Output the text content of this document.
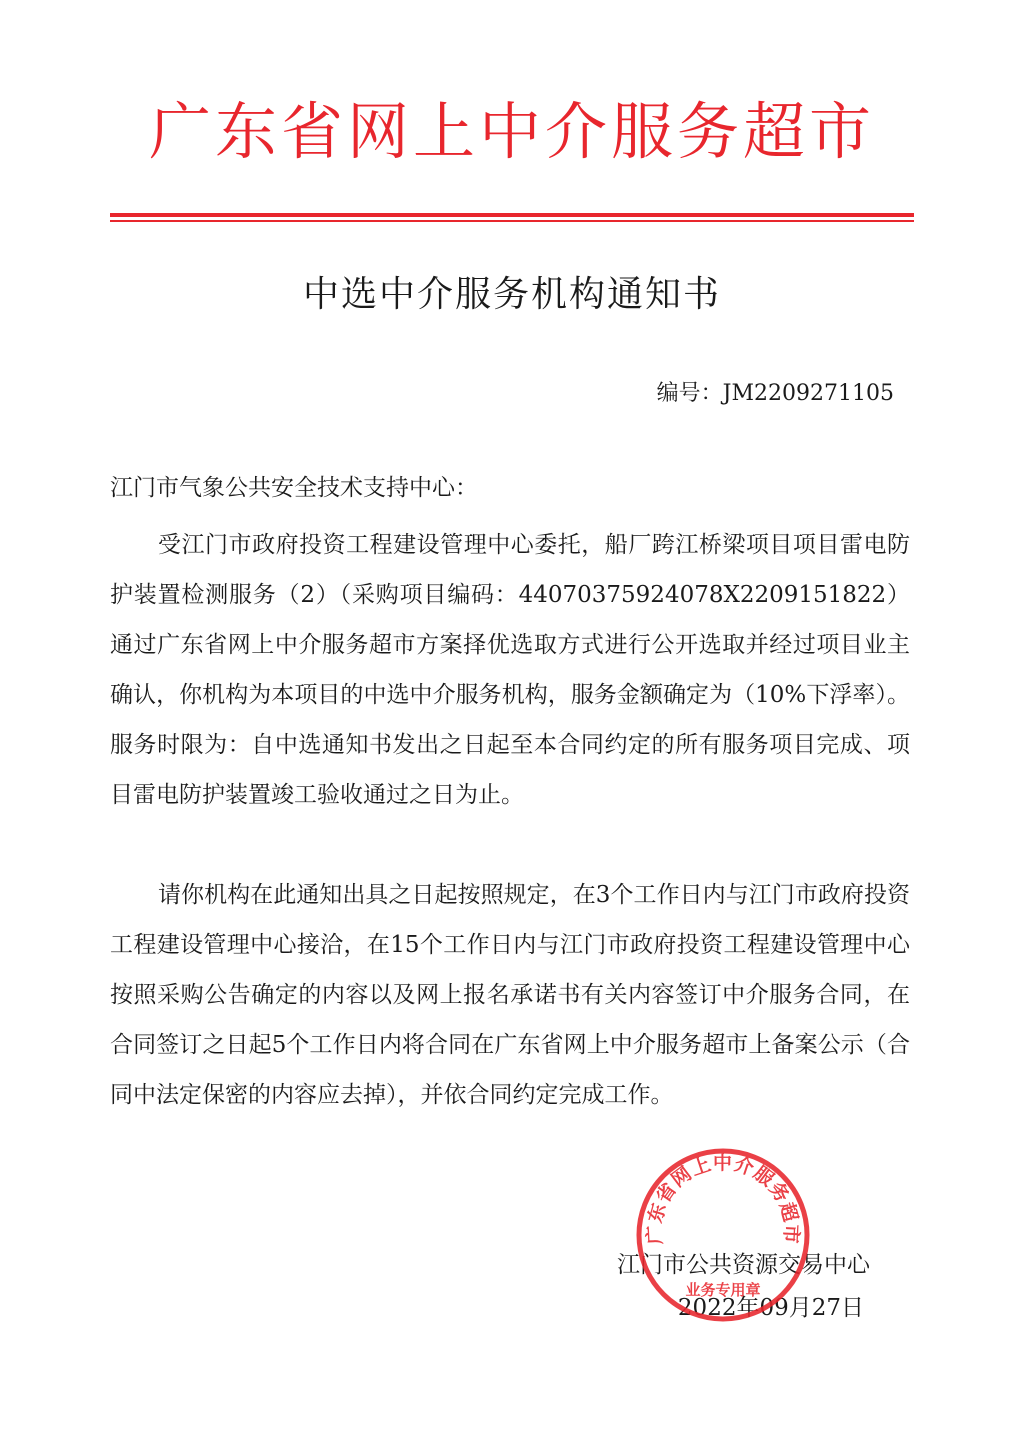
广东省网上中介服务超市
中选中介服务机构通知书
编号：JM2209271105
江门市气象公共安全技术支持中心：
受江门市政府投资工程建设管理中心委托，船厂跨江桥梁项目项目雷电防护装置检测服务（2）（采购项目编码：44070375924078X2209151822）通过广东省网上中介服务超市方案择优选取方式进行公开选取并经过项目业主确认，你机构为本项目的中选中介服务机构，服务金额确定为（10%下浮率）。服务时限为：自中选通知书发出之日起至本合同约定的所有服务项目完成、项目雷电防护装置竣工验收通过之日为止。
请你机构在此通知出具之日起按照规定，在3个工作日内与江门市政府投资工程建设管理中心接洽，在15个工作日内与江门市政府投资工程建设管理中心按照采购公告确定的内容以及网上报名承诺书有关内容签订中介服务合同，在合同签订之日起5个工作日内将合同在广东省网上中介服务超市上备案公示（合同中法定保密的内容应去掉），并依合同约定完成工作。
江门市公共资源交易中心
2022年09月27日
广东省网上中介服务超市
业务专用章
